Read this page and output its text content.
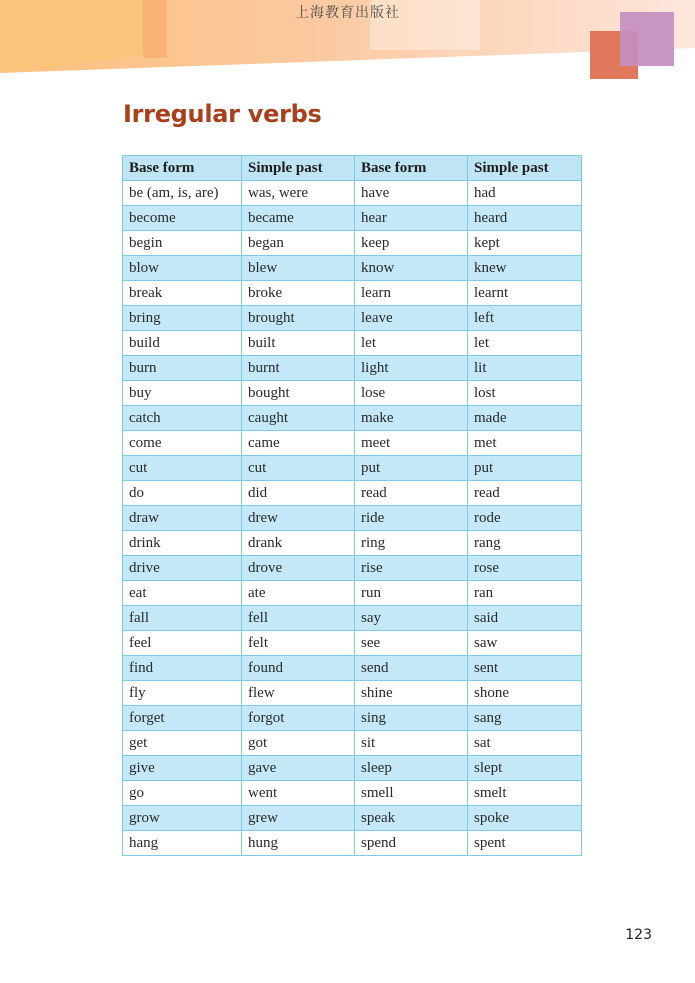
上海教育出版社
Irregular verbs
Base form	Simple past	Base form	Simple past
be (am, is, are)	was, were	have	had
become	became	hear	heard
begin	began	keep	kept
blow	blew	know	knew
break	broke	learn	learnt
bring	brought	leave	left
build	built	let	let
burn	burnt	light	lit
buy	bought	lose	lost
catch	caught	make	made
come	came	meet	met
cut	cut	put	put
do	did	read	read
draw	drew	ride	rode
drink	drank	ring	rang
drive	drove	rise	rose
eat	ate	run	ran
fall	fell	say	said
feel	felt	see	saw
find	found	send	sent
fly	flew	shine	shone
forget	forgot	sing	sang
get	got	sit	sat
give	gave	sleep	slept
go	went	smell	smelt
grow	grew	speak	spoke
hang	hung	spend	spent
123
